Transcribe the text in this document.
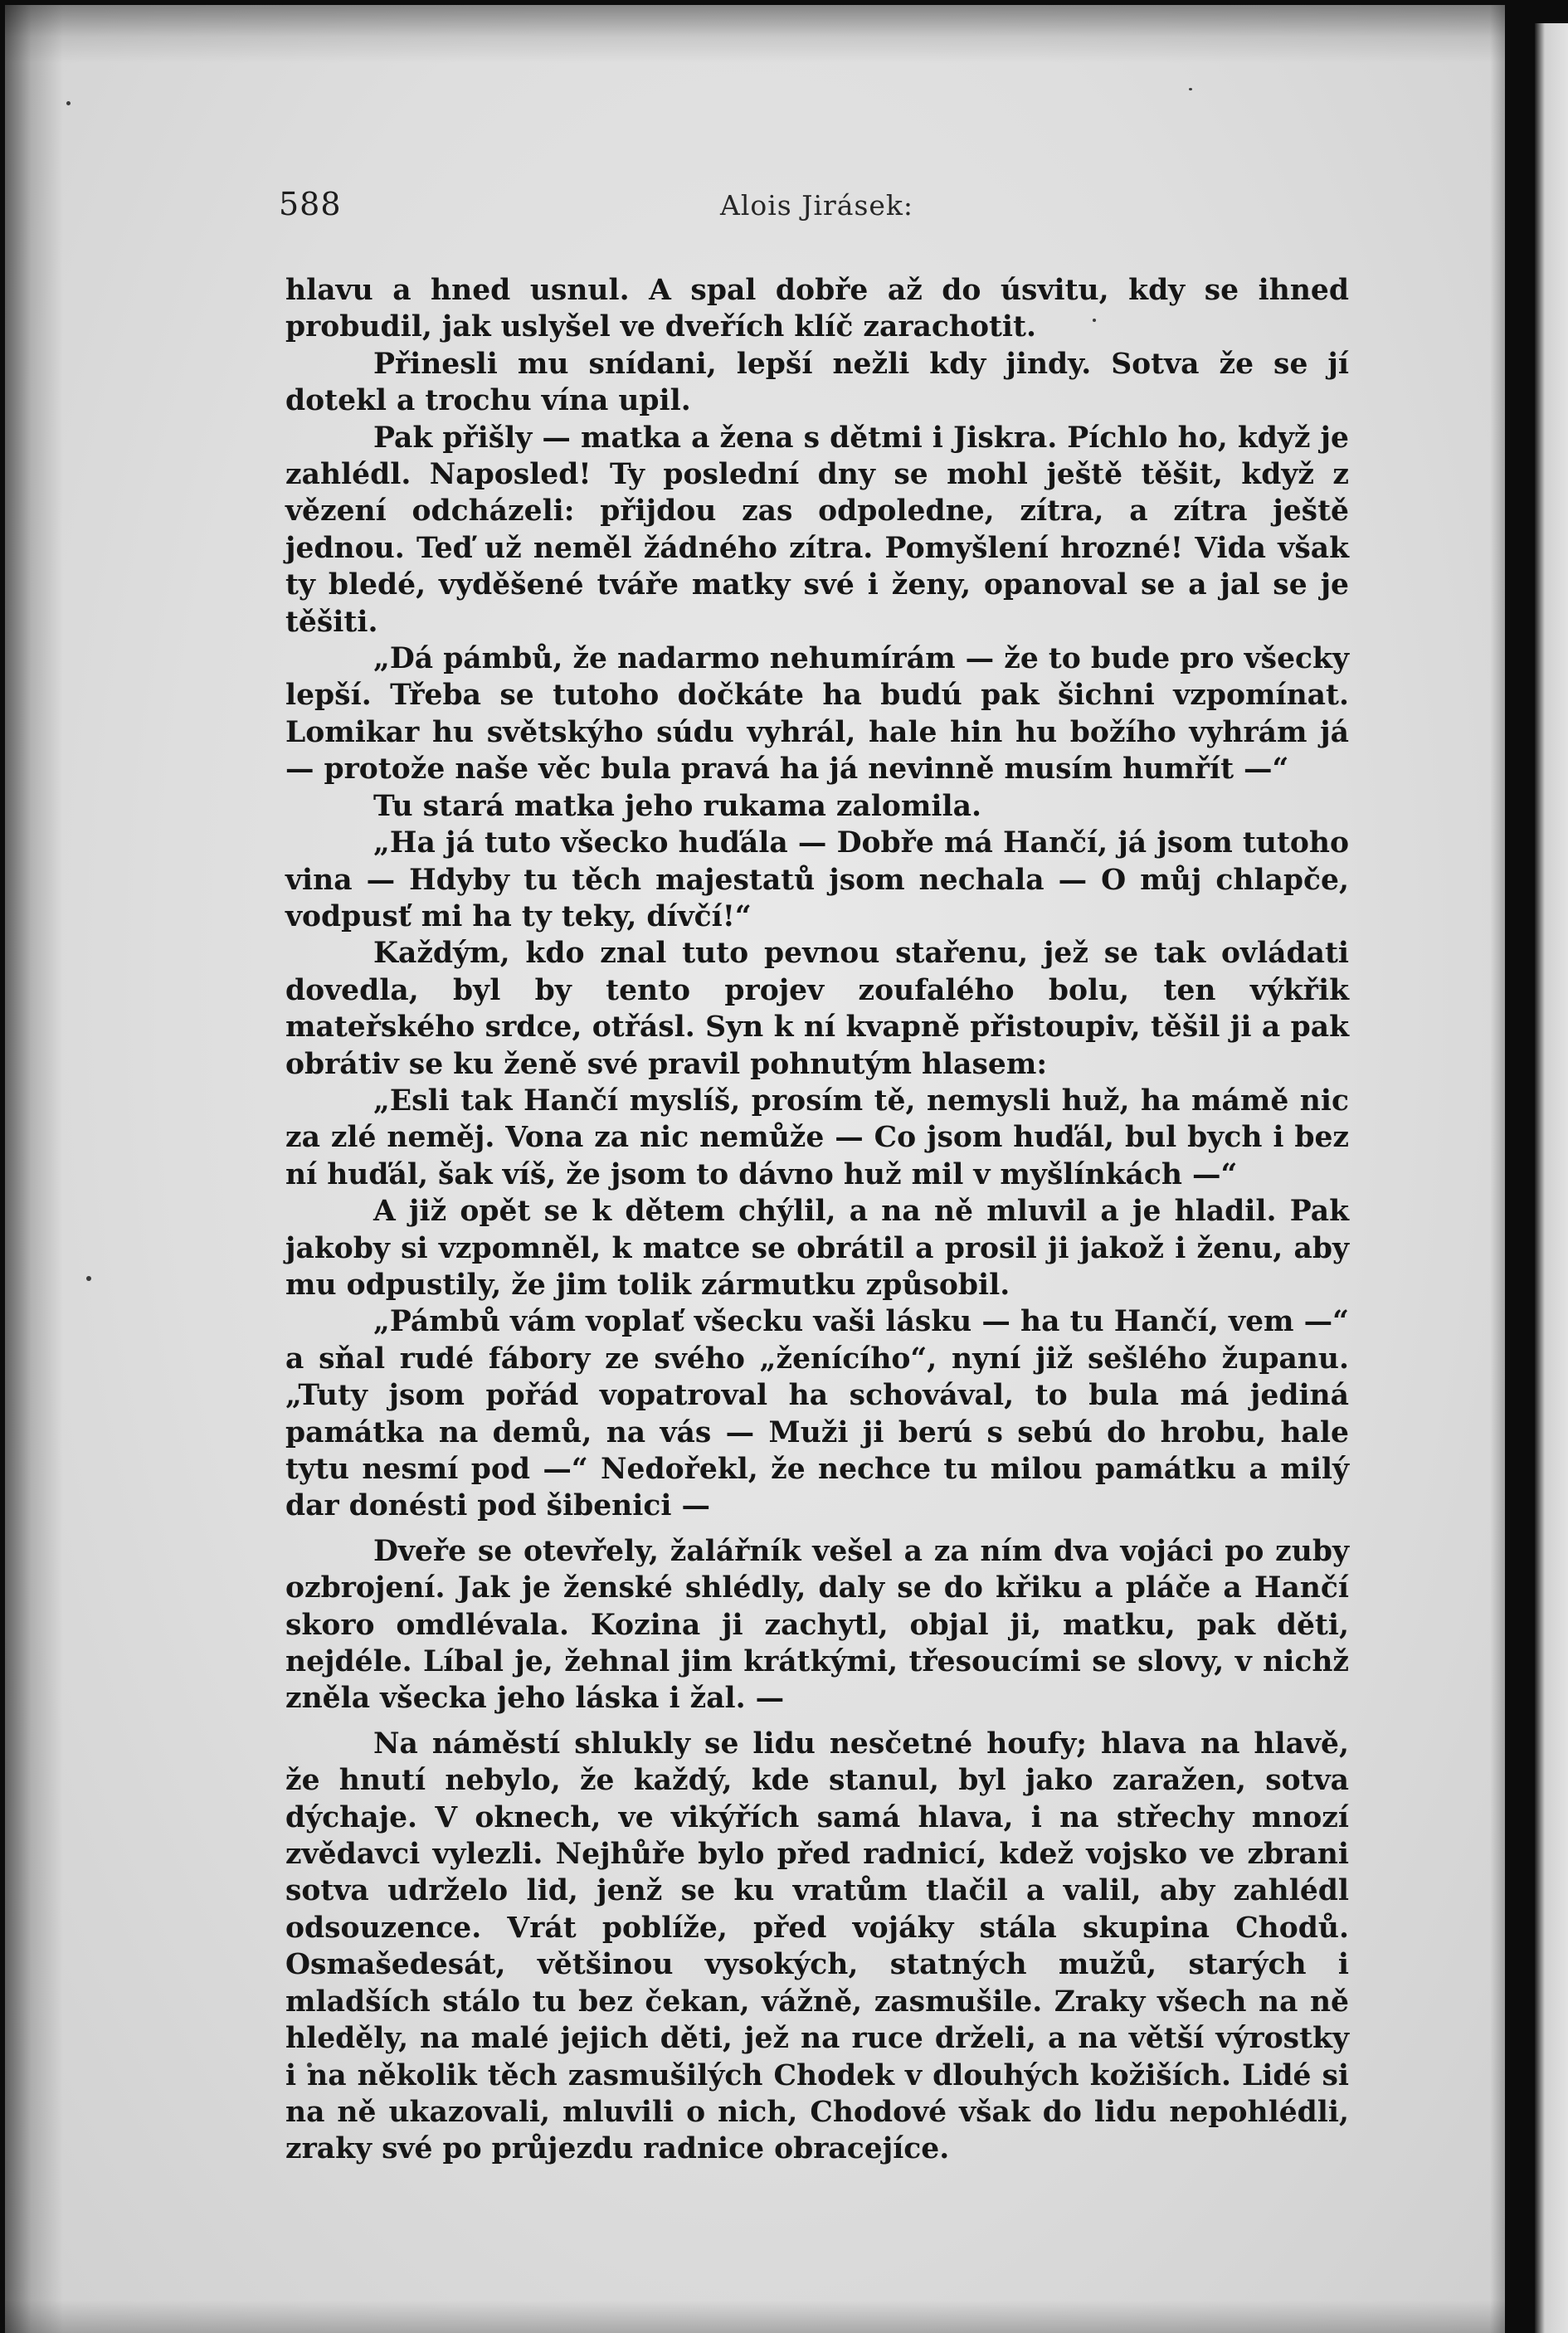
588	Alois Jirásek:

hlavu a hned usnul. A spal dobře až do úsvitu, kdy se ihned probudil, jak uslyšel ve dveřích klíč zarachotit.

Přinesli mu snídani, lepší nežli kdy jindy. Sotva že se jí dotekl a trochu vína upil.

Pak přišly — matka a žena s dětmi i Jiskra. Píchlo ho, když je zahlédl. Naposled! Ty poslední dny se mohl ještě těšit, když z vězení odcházeli: přijdou zas odpoledne, zítra, a zítra ještě jednou. Teď už neměl žádného zítra. Pomyšlení hrozné! Vida však ty bledé, vyděšené tváře matky své i ženy, opanoval se a jal se je těšiti.

„Dá pámbů, že nadarmo nehumírám — že to bude pro všecky lepší. Třeba se tutoho dočkáte ha budú pak šichni vzpomínat. Lomikar hu světskýho súdu vyhrál, hale hin hu božího vyhrám já — protože naše věc bula pravá ha já nevinně musím humřít —“

Tu stará matka jeho rukama zalomila.

„Ha já tuto všecko huďála — Dobře má Hančí, já jsom tutoho vina — Hdyby tu těch majestatů jsom nechala — O můj chlapče, vodpusť mi ha ty teky, dívčí!“

Každým, kdo znal tuto pevnou stařenu, jež se tak ovládati dovedla, byl by tento projev zoufalého bolu, ten výkřik mateřského srdce, otřásl. Syn k ní kvapně přistoupiv, těšil ji a pak obrátiv se ku ženě své pravil pohnutým hlasem:

„Esli tak Hančí myslíš, prosím tě, nemysli huž, ha mámě nic za zlé neměj. Vona za nic nemůže — Co jsom huďál, bul bych i bez ní huďál, šak víš, že jsom to dávno huž mil v myšlínkách —“

A již opět se k dětem chýlil, a na ně mluvil a je hladil. Pak jakoby si vzpomněl, k matce se obrátil a prosil ji jakož i ženu, aby mu odpustily, že jim tolik zármutku způsobil.

„Pámbů vám voplať všecku vaši lásku — ha tu Hančí, vem —“ a sňal rudé fábory ze svého „ženícího“, nyní již sešlého županu. „Tuty jsom pořád vopatroval ha schovával, to bula má jediná památka na demů, na vás — Muži ji berú s sebú do hrobu, hale tytu nesmí pod —“ Nedořekl, že nechce tu milou památku a milý dar donésti pod šibenici —

Dveře se otevřely, žalářník vešel a za ním dva vojáci po zuby ozbrojení. Jak je ženské shlédly, daly se do křiku a pláče a Hančí skoro omdlévala. Kozina ji zachytl, objal ji, matku, pak děti, nejdéle. Líbal je, žehnal jim krátkými, třesoucími se slovy, v nichž zněla všecka jeho láska i žal. —

Na náměstí shlukly se lidu nesčetné houfy; hlava na hlavě, že hnutí nebylo, že každý, kde stanul, byl jako zaražen, sotva dýchaje. V oknech, ve vikýřích samá hlava, i na střechy mnozí zvědavci vylezli. Nejhůře bylo před radnicí, kdež vojsko ve zbrani sotva udrželo lid, jenž se ku vratům tlačil a valil, aby zahlédl odsouzence. Vrát poblíže, před vojáky stála skupina Chodů. Osmašedesát, většinou vysokých, statných mužů, starých i mladších stálo tu bez čekan, vážně, zasmušile. Zraky všech na ně hleděly, na malé jejich děti, jež na ruce drželi, a na větší výrostky i na několik těch zasmušilých Chodek v dlouhých kožiších. Lidé si na ně ukazovali, mluvili o nich, Chodové však do lidu nepohlédli, zraky své po průjezdu radnice obracejíce.
